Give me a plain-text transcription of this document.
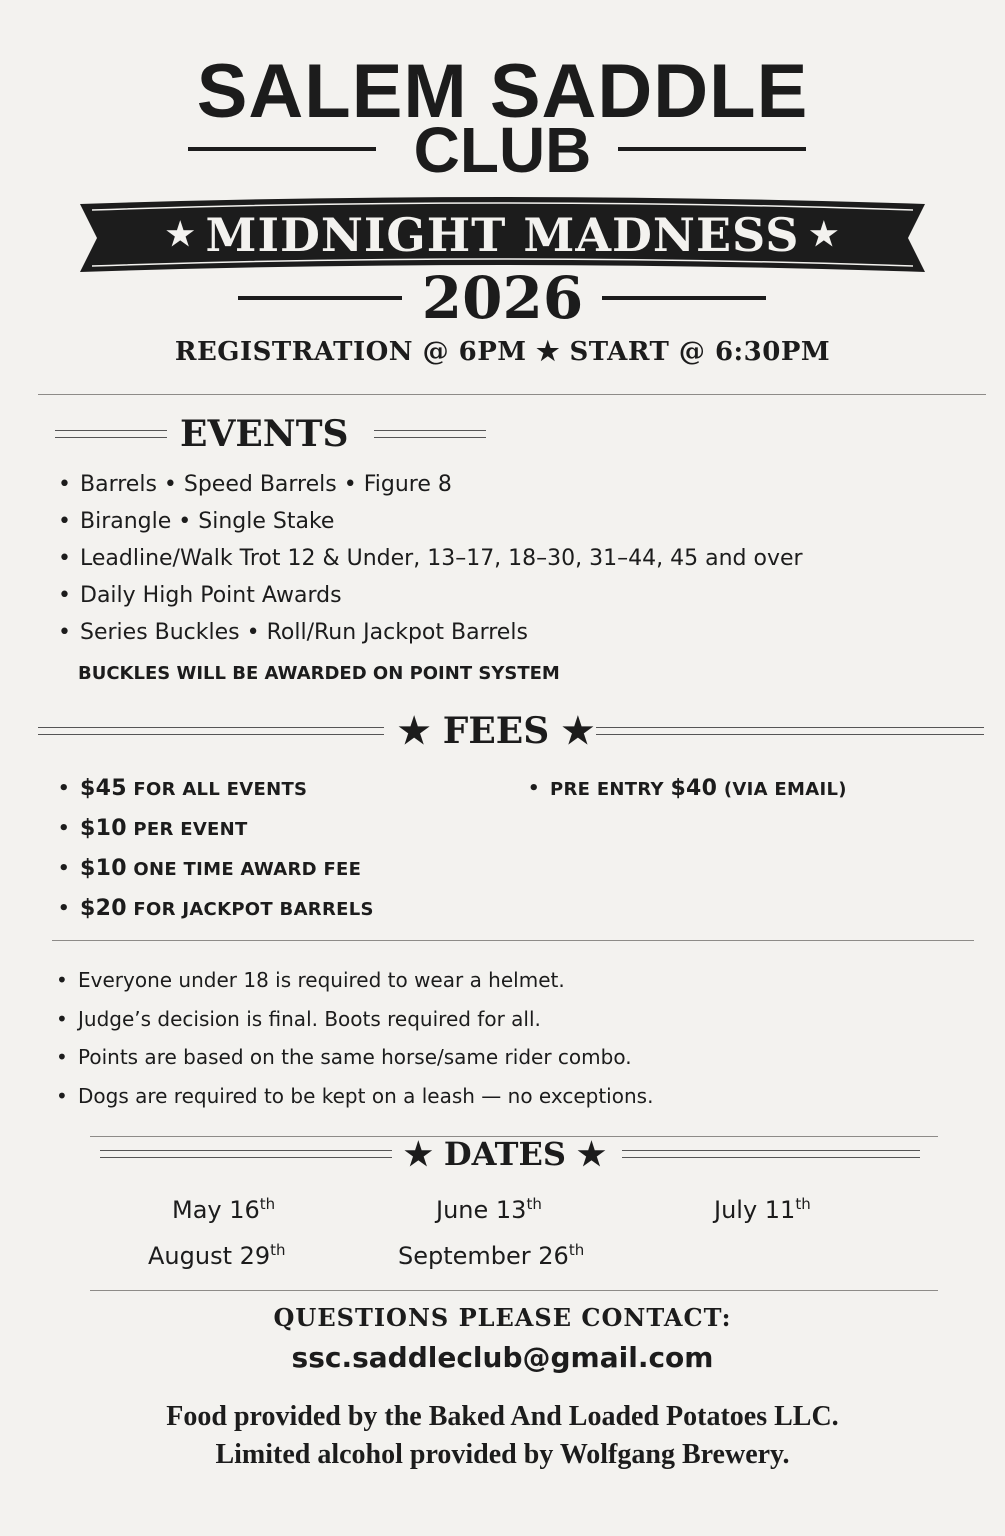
SALEM SADDLE
CLUB
★ MIDNIGHT MADNESS ★
2026
REGISTRATION @ 6PM ★ START @ 6:30PM
EVENTS
• Barrels • Speed Barrels • Figure 8
• Birangle • Single Stake
• Leadline/Walk Trot 12 & Under, 13–17, 18–30, 31–44, 45 and over
• Daily High Point Awards
• Series Buckles • Roll/Run Jackpot Barrels
BUCKLES WILL BE AWARDED ON POINT SYSTEM
★ FEES ★
• $45 FOR ALL EVENTS
• $10 PER EVENT
• $10 ONE TIME AWARD FEE
• $20 FOR JACKPOT BARRELS
• PRE ENTRY $40 (VIA EMAIL)
• Everyone under 18 is required to wear a helmet.
• Judge’s decision is final. Boots required for all.
• Points are based on the same horse/same rider combo.
• Dogs are required to be kept on a leash — no exceptions.
★ DATES ★
May 16th	June 13th	July 11th
August 29th	September 26th
QUESTIONS PLEASE CONTACT:
ssc.saddleclub@gmail.com
Food provided by the Baked And Loaded Potatoes LLC.
Limited alcohol provided by Wolfgang Brewery.
